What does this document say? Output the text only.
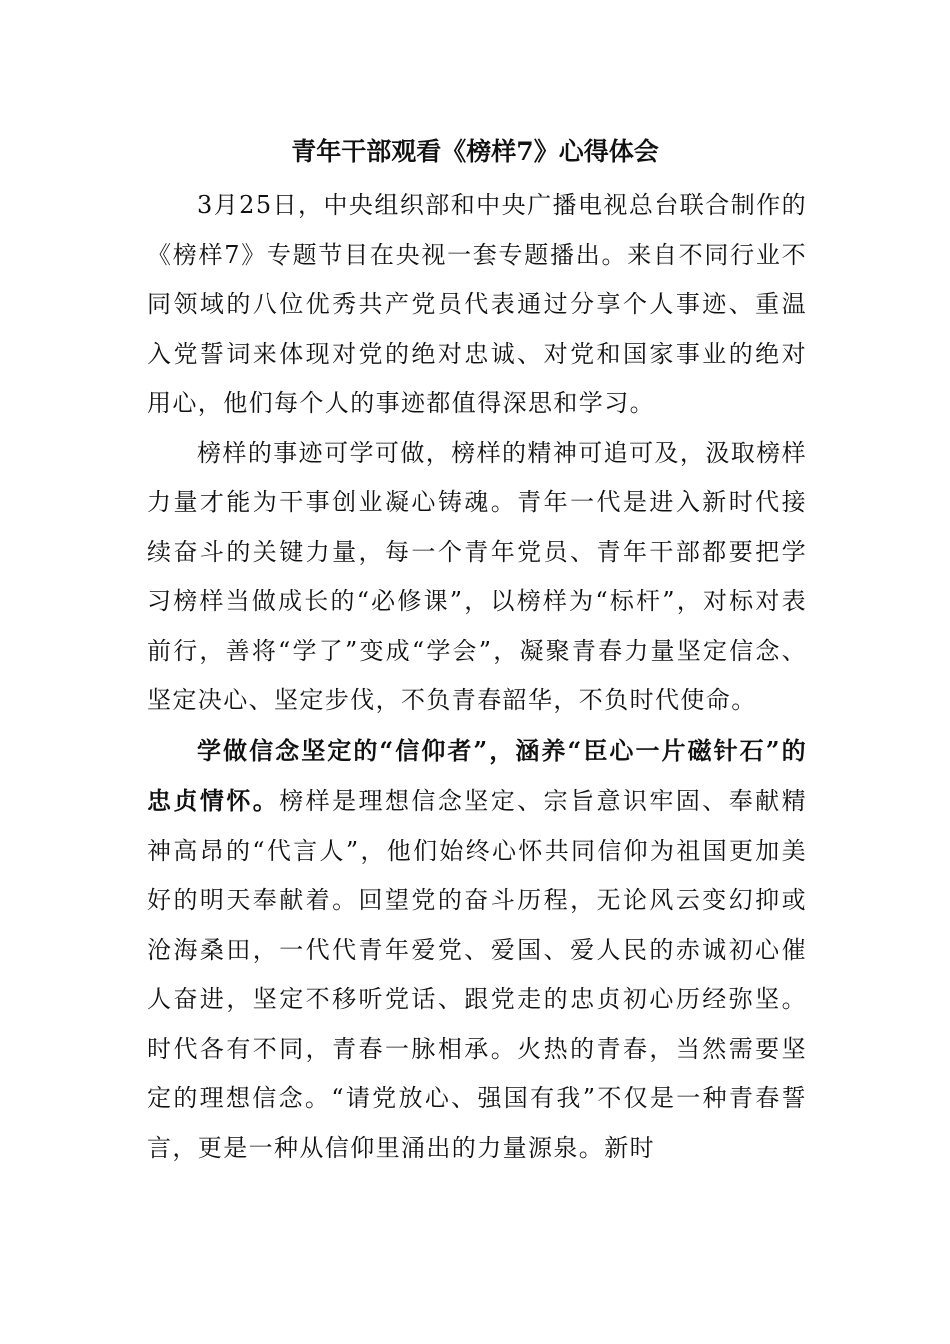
青年干部观看《榜样7》心得体会

3月25日，中央组织部和中央广播电视总台联合制作的《榜样7》专题节目在央视一套专题播出。来自不同行业不同领域的八位优秀共产党员代表通过分享个人事迹、重温入党誓词来体现对党的绝对忠诚、对党和国家事业的绝对用心，他们每个人的事迹都值得深思和学习。

榜样的事迹可学可做，榜样的精神可追可及，汲取榜样力量才能为干事创业凝心铸魂。青年一代是进入新时代接续奋斗的关键力量，每一个青年党员、青年干部都要把学习榜样当做成长的“必修课”，以榜样为“标杆”，对标对表前行，善将“学了”变成“学会”，凝聚青春力量坚定信念、坚定决心、坚定步伐，不负青春韶华，不负时代使命。

学做信念坚定的“信仰者”，涵养“臣心一片磁针石”的忠贞情怀。榜样是理想信念坚定、宗旨意识牢固、奉献精神高昂的“代言人”，他们始终心怀共同信仰为祖国更加美好的明天奉献着。回望党的奋斗历程，无论风云变幻抑或沧海桑田，一代代青年爱党、爱国、爱人民的赤诚初心催人奋进，坚定不移听党话、跟党走的忠贞初心历经弥坚。时代各有不同，青春一脉相承。火热的青春，当然需要坚定的理想信念。“请党放心、强国有我”不仅是一种青春誓言，更是一种从信仰里涌出的力量源泉。新时
